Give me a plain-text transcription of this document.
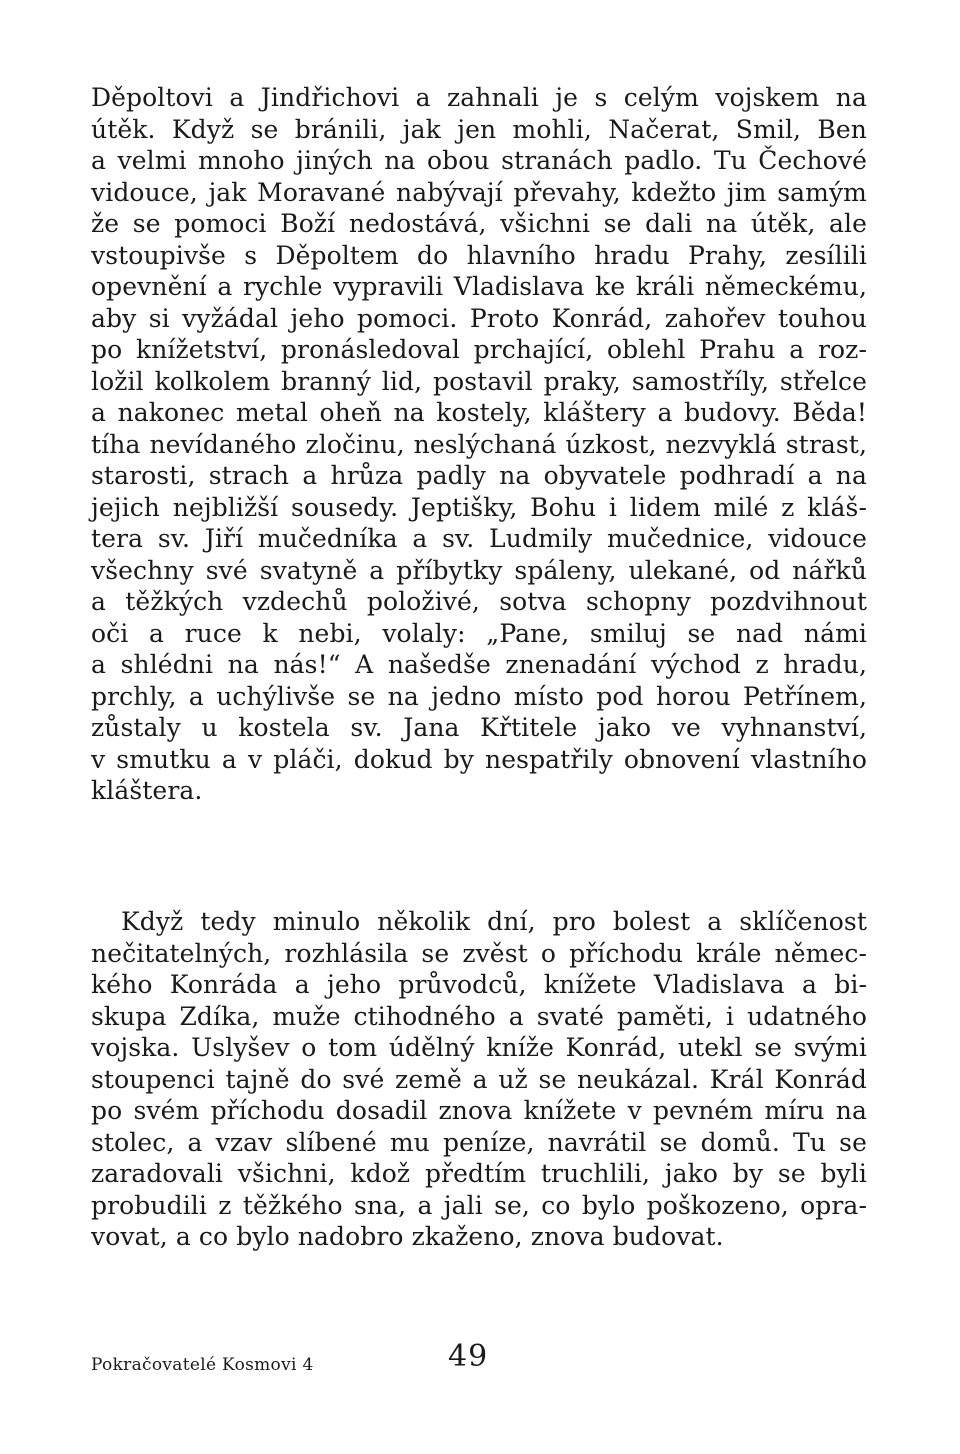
Děpoltovi a Jindřichovi a zahnali je s celým vojskem na
útěk. Když se bránili, jak jen mohli, Načerat, Smil, Ben
a velmi mnoho jiných na obou stranách padlo. Tu Čechové
vidouce, jak Moravané nabývají převahy, kdežto jim samým
že se pomoci Boží nedostává, všichni se dali na útěk, ale
vstoupivše s Děpoltem do hlavního hradu Prahy, zesílili
opevnění a rychle vypravili Vladislava ke králi německému,
aby si vyžádal jeho pomoci. Proto Konrád, zahořev touhou
po knížetství, pronásledoval prchající, oblehl Prahu a roz-
ložil kolkolem branný lid, postavil praky, samostříly, střelce
a nakonec metal oheň na kostely, kláštery a budovy. Běda!
tíha nevídaného zločinu, neslýchaná úzkost, nezvyklá strast,
starosti, strach a hrůza padly na obyvatele podhradí a na
jejich nejbližší sousedy. Jeptišky, Bohu i lidem milé z kláš-
tera sv. Jiří mučedníka a sv. Ludmily mučednice, vidouce
všechny své svatyně a příbytky spáleny, ulekané, od nářků
a těžkých vzdechů položivé, sotva schopny pozdvihnout
oči a ruce k nebi, volaly: „Pane, smiluj se nad námi
a shlédni na nás!“ A našedše znenadání východ z hradu,
prchly, a uchýlivše se na jedno místo pod horou Petřínem,
zůstaly u kostela sv. Jana Křtitele jako ve vyhnanství,
v smutku a v pláči, dokud by nespatřily obnovení vlastního
kláštera.
Když tedy minulo několik dní, pro bolest a sklíčenost
nečitatelných, rozhlásila se zvěst o příchodu krále němec-
kého Konráda a jeho průvodců, knížete Vladislava a bi-
skupa Zdíka, muže ctihodného a svaté paměti, i udatného
vojska. Uslyšev o tom údělný kníže Konrád, utekl se svými
stoupenci tajně do své země a už se neukázal. Král Konrád
po svém příchodu dosadil znova knížete v pevném míru na
stolec, a vzav slíbené mu peníze, navrátil se domů. Tu se
zaradovali všichni, kdož předtím truchlili, jako by se byli
probudili z těžkého sna, a jali se, co bylo poškozeno, opra-
vovat, a co bylo nadobro zkaženo, znova budovat.
Pokračovatelé Kosmovi 4	49
